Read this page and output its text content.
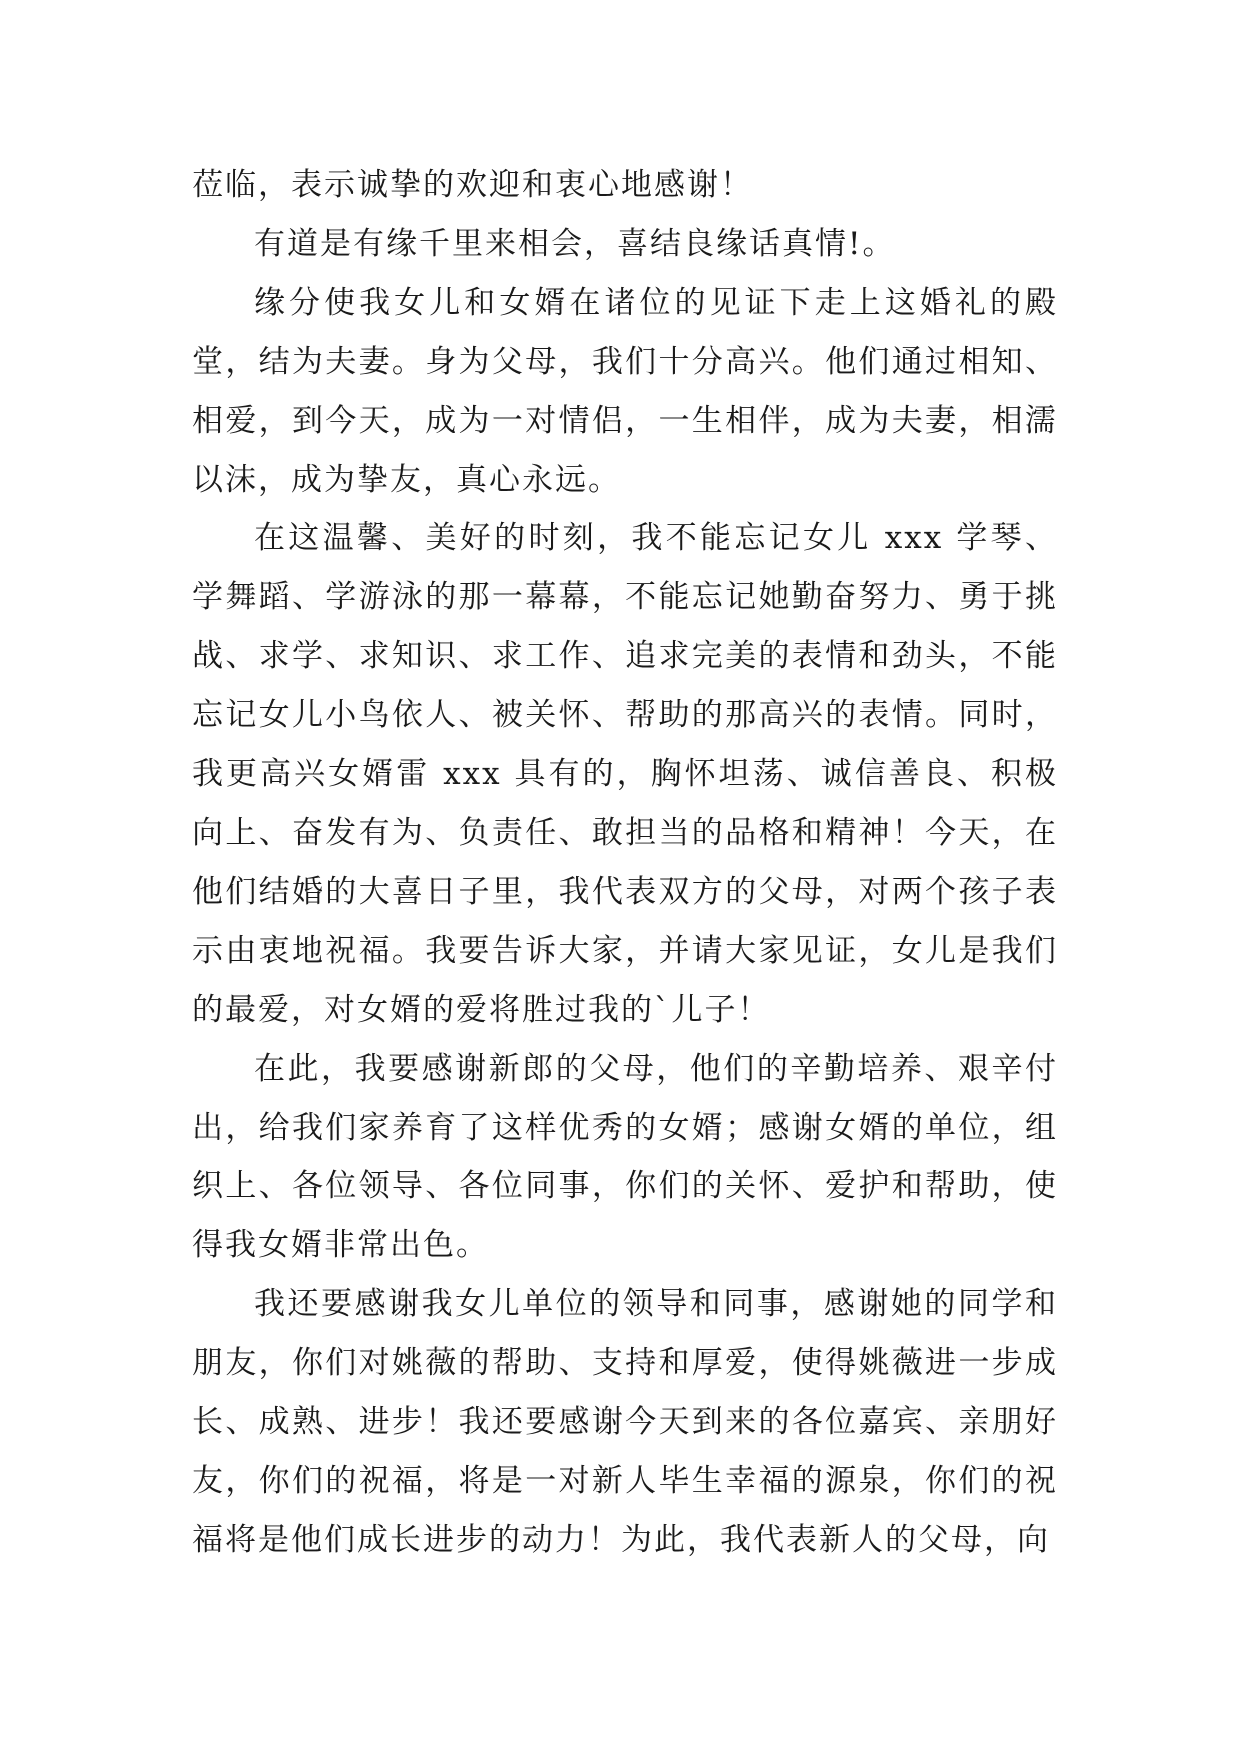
莅临，表示诚挚的欢迎和衷心地感谢！

有道是有缘千里来相会，喜结良缘话真情!。

缘分使我女儿和女婿在诸位的见证下走上这婚礼的殿堂，结为夫妻。身为父母，我们十分高兴。他们通过相知、相爱，到今天，成为一对情侣，一生相伴，成为夫妻，相濡以沫，成为挚友，真心永远。

在这温馨、美好的时刻，我不能忘记女儿 xxx 学琴、学舞蹈、学游泳的那一幕幕，不能忘记她勤奋努力、勇于挑战、求学、求知识、求工作、追求完美的表情和劲头，不能忘记女儿小鸟依人、被关怀、帮助的那高兴的表情。同时，我更高兴女婿雷 xxx 具有的，胸怀坦荡、诚信善良、积极向上、奋发有为、负责任、敢担当的品格和精神！今天，在他们结婚的大喜日子里，我代表双方的父母，对两个孩子表示由衷地祝福。我要告诉大家，并请大家见证，女儿是我们的最爱，对女婿的爱将胜过我的`儿子！

在此，我要感谢新郎的父母，他们的辛勤培养、艰辛付出，给我们家养育了这样优秀的女婿；感谢女婿的单位，组织上、各位领导、各位同事，你们的关怀、爱护和帮助，使得我女婿非常出色。

我还要感谢我女儿单位的领导和同事，感谢她的同学和朋友，你们对姚薇的帮助、支持和厚爱，使得姚薇进一步成长、成熟、进步！我还要感谢今天到来的各位嘉宾、亲朋好友，你们的祝福，将是一对新人毕生幸福的源泉，你们的祝福将是他们成长进步的动力！为此，我代表新人的父母，向
